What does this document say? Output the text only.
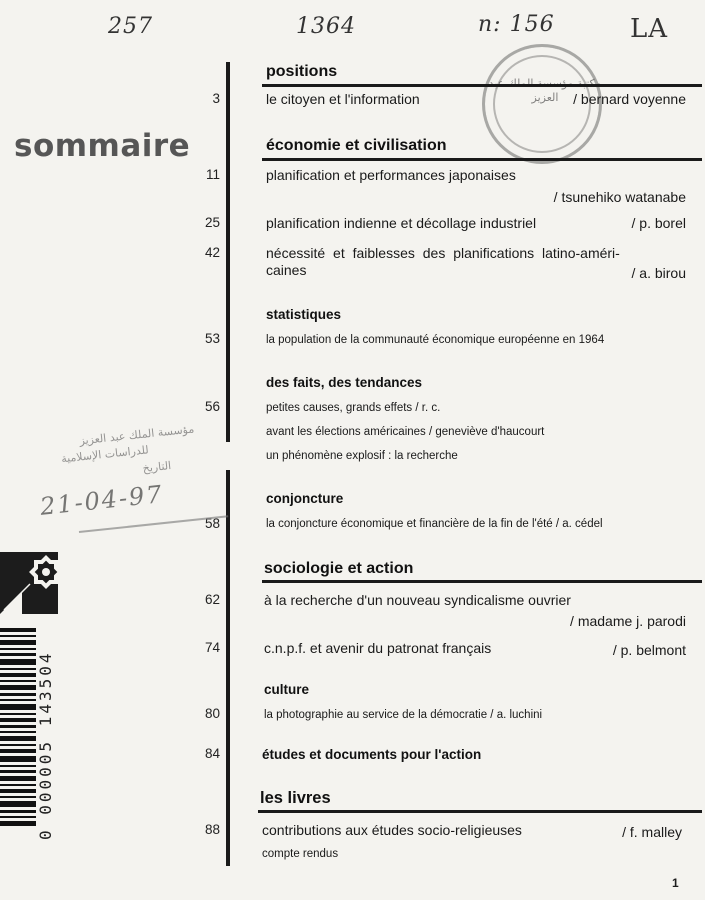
257	1364	n: 156	LA
sommaire
العزيز
positions
3	le citoyen et l'information	/ bernard voyenne
économie et civilisation
11	planification et performances japonaises
/ tsunehiko watanabe
25	planification indienne et décollage industriel	/ p. borel
42	nécessité et faiblesses des planifications latino-améri-
caines	/ a. birou
statistiques
53	la population de la communauté économique européenne en 1964
des faits, des tendances
56	petites causes, grands effets / r. c.
avant les élections américaines / geneviève d'haucourt
un phénomène explosif : la recherche
conjoncture
58	la conjoncture économique et financière de la fin de l'été / a. cédel
sociologie et action
62	à la recherche d'un nouveau syndicalisme ouvrier
/ madame j. parodi
74	c.n.p.f. et avenir du patronat français	/ p. belmont
culture
80	la photographie au service de la démocratie / a. luchini
84	études et documents pour l'action
les livres
88	contributions aux études socio-religieuses	/ f. malley
compte rendus
مؤسسة الملك عبد العزيز
للدراسات الإسلامية
التاريخ
21-04-97
0 000005 143504
1
